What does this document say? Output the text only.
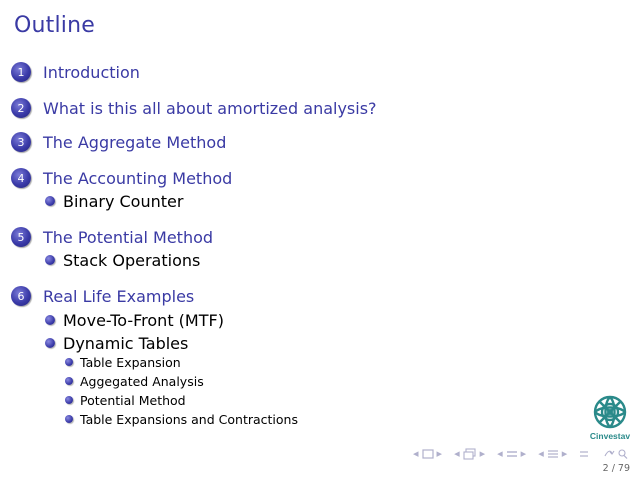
Outline
1	Introduction
2	What is this all about amortized analysis?
3	The Aggregate Method
4	The Accounting Method
Binary Counter
5	The Potential Method
Stack Operations
6	Real Life Examples
Move-To-Front (MTF)
Dynamic Tables
Table Expansion
Aggegated Analysis
Potential Method
Table Expansions and Contractions
Cinvestav
◂ ▸ ◂ ▸ ◂ ▸ ◂ ▸
2 / 79
